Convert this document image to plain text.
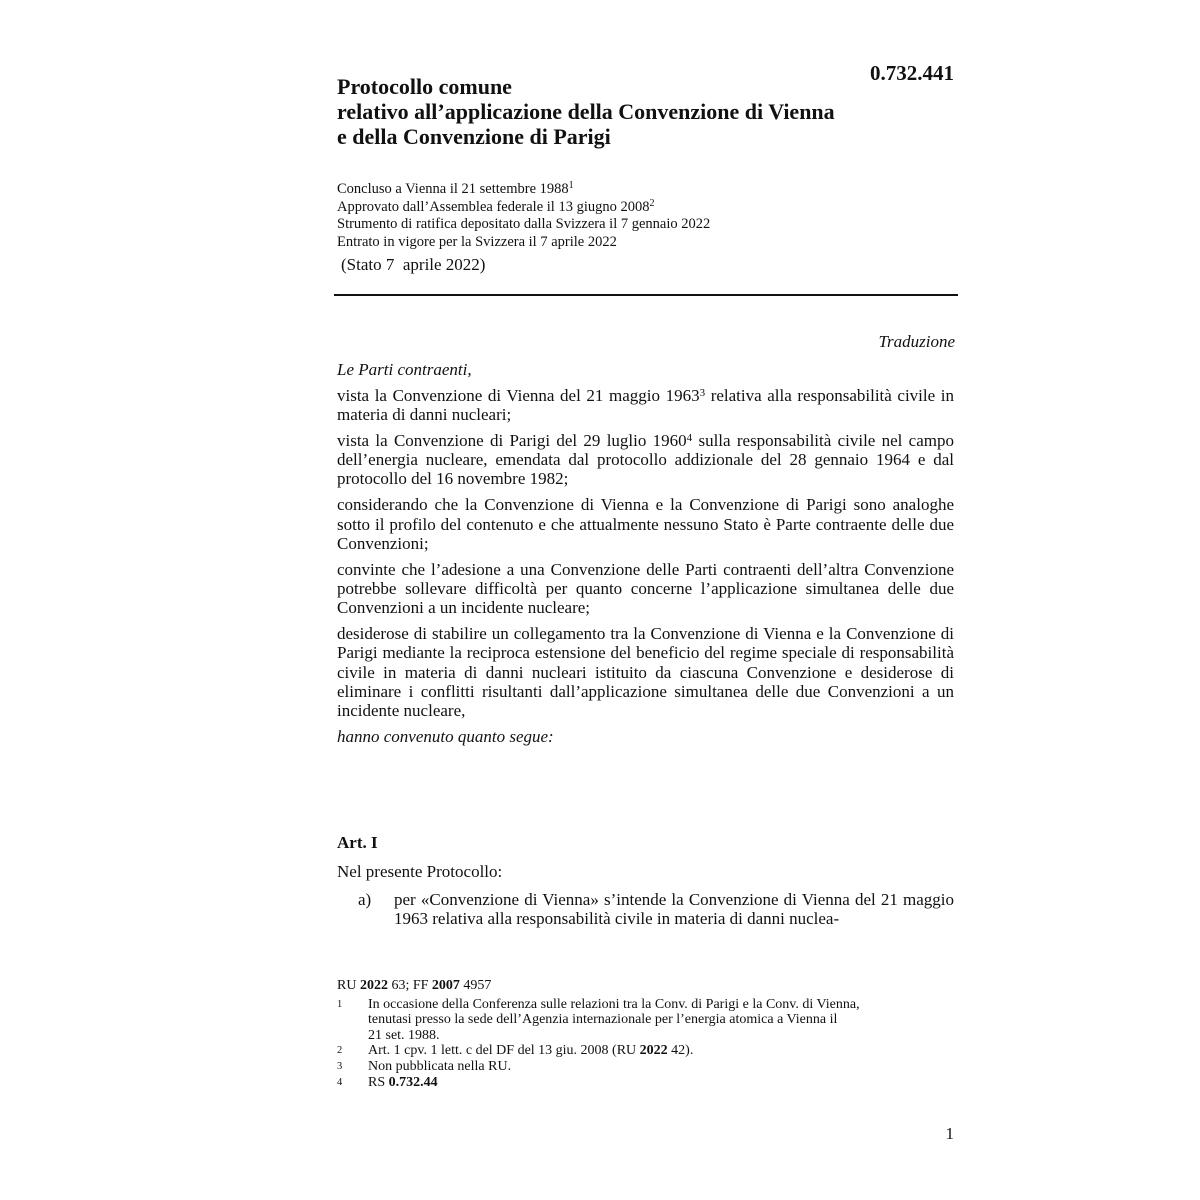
0.732.441
Protocollo comune
relativo all’applicazione della Convenzione di Vienna
e della Convenzione di Parigi
Concluso a Vienna il 21 settembre 1988$^1$
Approvato dall’Assemblea federale il 13 giugno 2008$^2$
Strumento di ratifica depositato dalla Svizzera il 7 gennaio 2022
Entrato in vigore per la Svizzera il 7 aprile 2022
(Stato 7  aprile 2022)
Traduzione

Le Parti contraenti,

vista la Convenzione di Vienna del 21 maggio 1963$^3$ relativa alla responsabilità civile in materia di danni nucleari;

vista la Convenzione di Parigi del 29 luglio 1960$^4$ sulla responsabilità civile nel campo dell’energia nucleare, emendata dal protocollo addizionale del 28 gennaio 1964 e dal protocollo del 16 novembre 1982;

considerando che la Convenzione di Vienna e la Convenzione di Parigi sono analoghe sotto il profilo del contenuto e che attualmente nessuno Stato è Parte contraente delle due Convenzioni;

convinte che l’adesione a una Convenzione delle Parti contraenti dell’altra Convenzione potrebbe sollevare difficoltà per quanto concerne l’applicazione simultanea delle due Convenzioni a un incidente nucleare;

desiderose di stabilire un collegamento tra la Convenzione di Vienna e la Convenzione di Parigi mediante la reciproca estensione del beneficio del regime speciale di responsabilità civile in materia di danni nucleari istituito da ciascuna Convenzione e desiderose di eliminare i conflitti risultanti dall’applicazione simultanea delle due Convenzioni a un incidente nucleare,

hanno convenuto quanto segue:

Art. I
Nel presente Protocollo:
a) per «Convenzione di Vienna» s’intende la Convenzione di Vienna del 21 maggio 1963 relativa alla responsabilità civile in materia di danni nuclea-
RU 2022 63; FF 2007 4957
1 In occasione della Conferenza sulle relazioni tra la Conv. di Parigi e la Conv. di Vienna,
tenutasi presso la sede dell’Agenzia internazionale per l’energia atomica a Vienna il
21 set. 1988.
2 Art. 1 cpv. 1 lett. c del DF del 13 giu. 2008 (RU 2022 42).
3 Non pubblicata nella RU.
4 RS 0.732.44
1
